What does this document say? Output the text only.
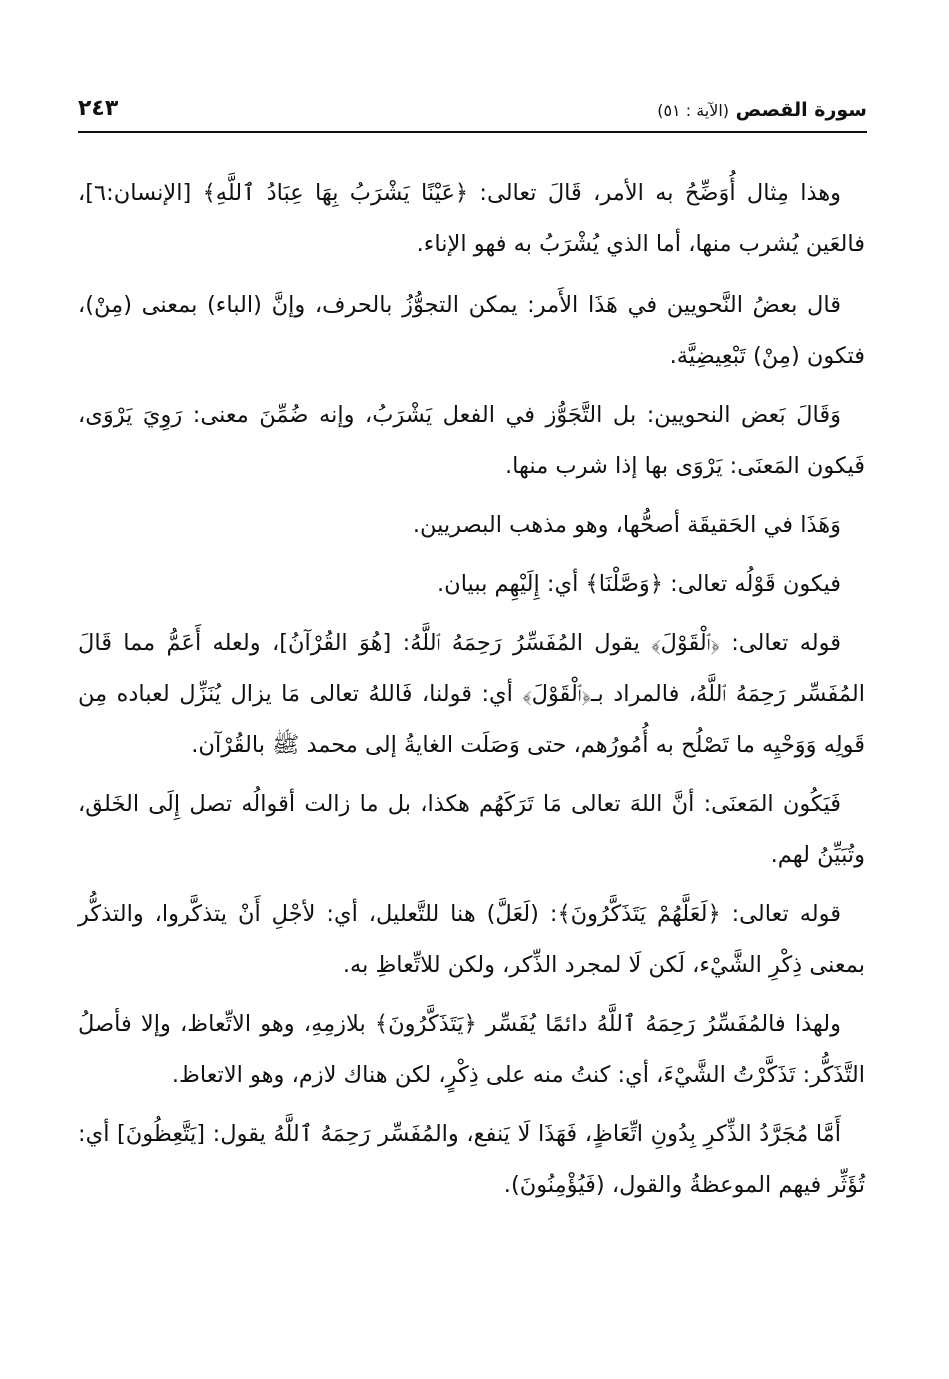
سورة القصص (الآية : ٥١)
٢٤٣

وهذا مِثال أُوَضِّحُ به الأمر، قَالَ تعالى: ﴿عَيْنًا يَشْرَبُ بِهَا عِبَادُ ٱللَّهِ﴾ [الإنسان:٦]، فالعَين يُشرب منها، أما الذي يُشْرَبُ به فهو الإناء.

قال بعضُ النَّحويين في هَذَا الأَمر: يمكن التجوُّزُ بالحرف، وإنَّ (الباء) بمعنى (مِنْ)، فتكون (مِنْ) تَبْعِيضِيَّة.

وَقَالَ بَعض النحويين: بل التَّجَوُّز في الفعل يَشْرَبُ، وإنه ضُمِّنَ معنى: رَوِيَ يَرْوَى، فَيكون المَعنَى: يَرْوَى بها إذا شرب منها.

وَهَذَا في الحَقيقَة أصحُّها، وهو مذهب البصريين.

فيكون قَوْلُه تعالى: ﴿وَصَّلْنَا﴾ أي: إِلَيْهِم ببيان.

قوله تعالى: ﴿ٱلْقَوْلَ﴾ يقول المُفَسِّرُ رَحِمَهُ ٱللَّهُ: [هُوَ القُرْآنُ]، ولعله أَعَمُّ مما قَالَ المُفَسِّر رَحِمَهُ ٱللَّهُ، فالمراد بـ﴿ٱلْقَوْلَ﴾ أي: قولنا، فَاللهُ تعالى مَا يزال يُنَزِّل لعباده مِن قَولِه وَوَحْيِه ما تَصْلُح به أُمُورُهم، حتى وَصَلَت الغايةُ إلى محمد ﷺ بالقُرْآن.

فَيَكُون المَعنَى: أنَّ اللهَ تعالى مَا تَرَكَهُم هكذا، بل ما زالت أقوالُه تصل إِلَى الخَلق، وتُبَيِّنُ لهم.

قوله تعالى: ﴿لَعَلَّهُمْ يَتَذَكَّرُونَ﴾: (لَعَلَّ) هنا للتَّعليل، أي: لأجْلِ أَنْ يتذكَّروا، والتذكُّر بمعنى ذِكْرِ الشَّيْء، لَكن لَا لمجرد الذِّكر، ولكن للاتِّعاظِ به.

ولهذا فالمُفَسِّرُ رَحِمَهُ ٱللَّهُ دائمًا يُفَسِّر ﴿يَتَذَكَّرُونَ﴾ بلازمِهِ، وهو الاتِّعاظ، وإلا فأصلُ التَّذَكُّر: تَذَكَّرْتُ الشَّيْءَ، أي: كنتُ منه على ذِكْرٍ، لكن هناك لازم، وهو الاتعاظ.

أَمَّا مُجَرَّدُ الذِّكرِ بِدُونِ اتِّعَاظٍ، فَهَذَا لَا يَنفع، والمُفَسِّر رَحِمَهُ ٱللَّهُ يقول: [يَتَّعِظُونَ] أي: تُؤَثِّر فيهم الموعظةُ والقول، (فَيُؤْمِنُونَ).
